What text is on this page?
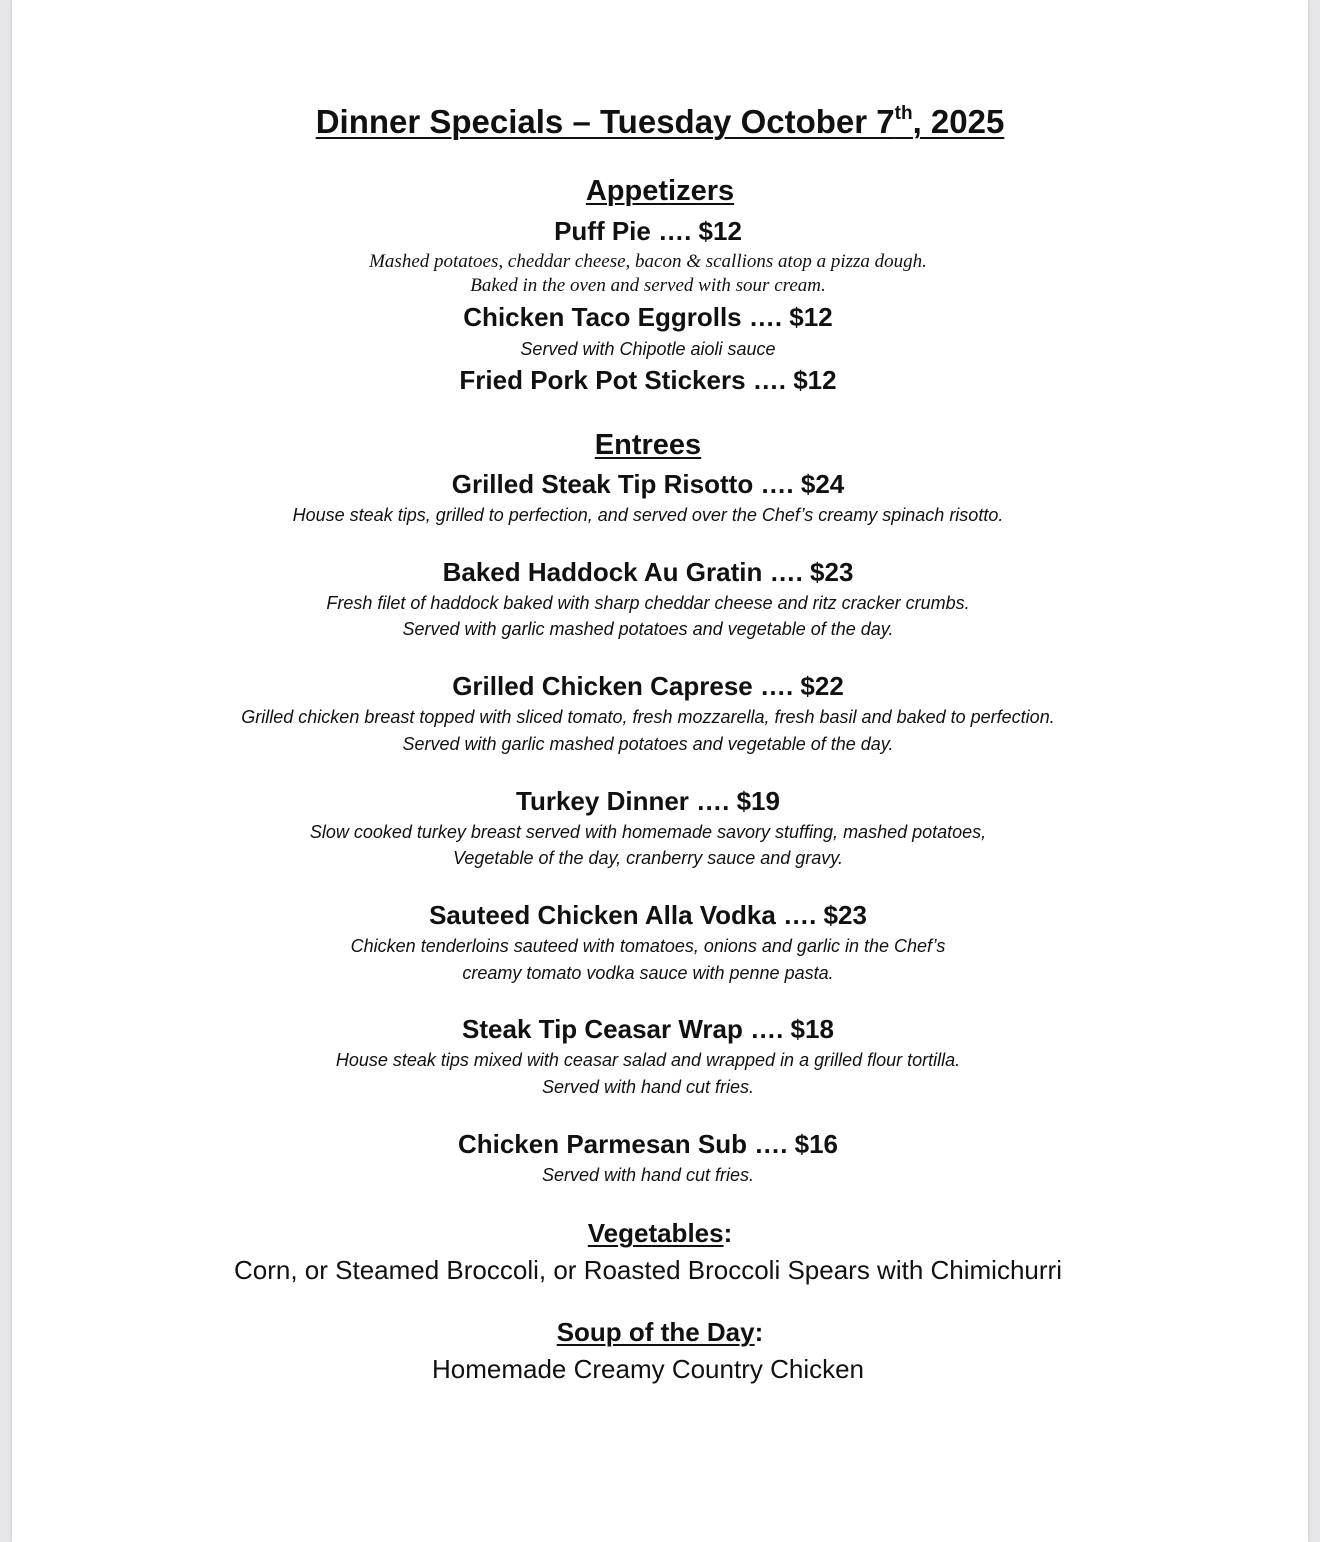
Dinner Specials – Tuesday October 7th, 2025
Appetizers
Puff Pie …. $12
Mashed potatoes, cheddar cheese, bacon & scallions atop a pizza dough.
Baked in the oven and served with sour cream.
Chicken Taco Eggrolls …. $12
Served with Chipotle aioli sauce
Fried Pork Pot Stickers …. $12
Entrees
Grilled Steak Tip Risotto …. $24
House steak tips, grilled to perfection, and served over the Chef’s creamy spinach risotto.
Baked Haddock Au Gratin …. $23
Fresh filet of haddock baked with sharp cheddar cheese and ritz cracker crumbs.
Served with garlic mashed potatoes and vegetable of the day.
Grilled Chicken Caprese …. $22
Grilled chicken breast topped with sliced tomato, fresh mozzarella, fresh basil and baked to perfection.
Served with garlic mashed potatoes and vegetable of the day.
Turkey Dinner …. $19
Slow cooked turkey breast served with homemade savory stuffing, mashed potatoes,
Vegetable of the day, cranberry sauce and gravy.
Sauteed Chicken Alla Vodka …. $23
Chicken tenderloins sauteed with tomatoes, onions and garlic in the Chef’s
creamy tomato vodka sauce with penne pasta.
Steak Tip Ceasar Wrap …. $18
House steak tips mixed with ceasar salad and wrapped in a grilled flour tortilla.
Served with hand cut fries.
Chicken Parmesan Sub …. $16
Served with hand cut fries.
Vegetables:
Corn, or Steamed Broccoli, or Roasted Broccoli Spears with Chimichurri
Soup of the Day:
Homemade Creamy Country Chicken
